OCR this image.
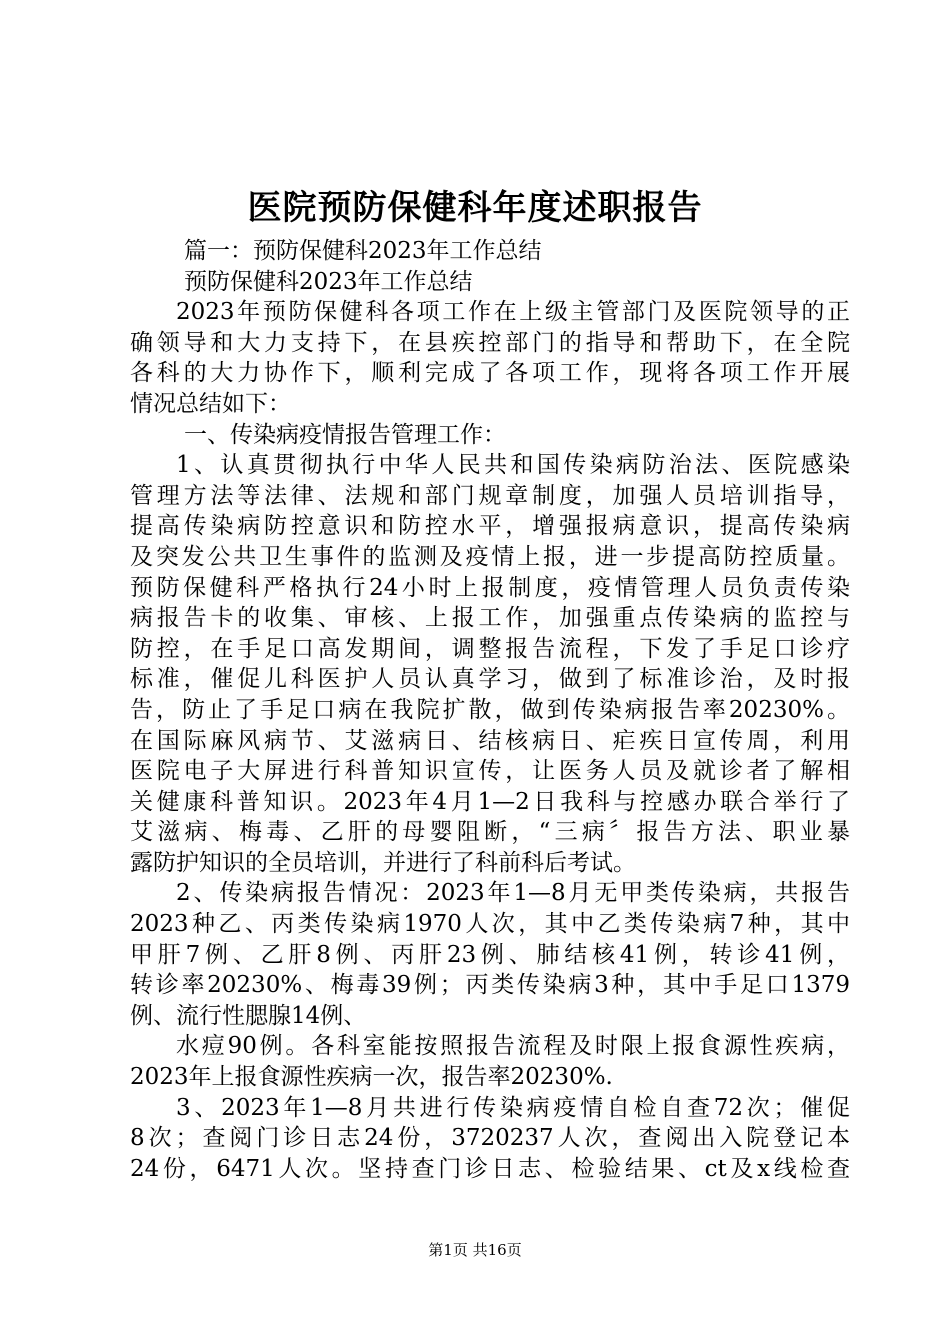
医院预防保健科年度述职报告
篇一：预防保健科2023年工作总结
预防保健科2023年工作总结
2023年预防保健科各项工作在上级主管部门及医院领导的正
确领导和大力支持下，在县疾控部门的指导和帮助下，在全院
各科的大力协作下，顺利完成了各项工作，现将各项工作开展
情况总结如下：
一、传染病疫情报告管理工作：
1、认真贯彻执行中华人民共和国传染病防治法、医院感染
管理方法等法律、法规和部门规章制度，加强人员培训指导，
提高传染病防控意识和防控水平，增强报病意识，提高传染病
及突发公共卫生事件的监测及疫情上报，进一步提高防控质量。
预防保健科严格执行24小时上报制度，疫情管理人员负责传染
病报告卡的收集、审核、上报工作，加强重点传染病的监控与
防控，在手足口高发期间，调整报告流程，下发了手足口诊疗
标准，催促儿科医护人员认真学习，做到了标准诊治，及时报
告，防止了手足口病在我院扩散，做到传染病报告率20230%。
在国际麻风病节、艾滋病日、结核病日、疟疾日宣传周，利用
医院电子大屏进行科普知识宣传，让医务人员及就诊者了解相
关健康科普知识。2023年4月1—2日我科与控感办联合举行了
艾滋病、梅毒、乙肝的母婴阻断，“三病〞报告方法、职业暴
露防护知识的全员培训，并进行了科前科后考试。
2、传染病报告情况：2023年1—8月无甲类传染病，共报告
2023种乙、丙类传染病1970人次，其中乙类传染病7种，其中
甲肝7例、乙肝8例、丙肝23例、肺结核41例，转诊41例，
转诊率20230%、梅毒39例；丙类传染病3种，其中手足口1379
例、流行性腮腺14例、
水痘90例。各科室能按照报告流程及时限上报食源性疾病，
2023年上报食源性疾病一次，报告率20230%.
3、2023年1—8月共进行传染病疫情自检自查72次；催促
8次；查阅门诊日志24份，3720237人次，查阅出入院登记本
24份，6471人次。坚持查门诊日志、检验结果、ct及x线检查
第1页 共16页
